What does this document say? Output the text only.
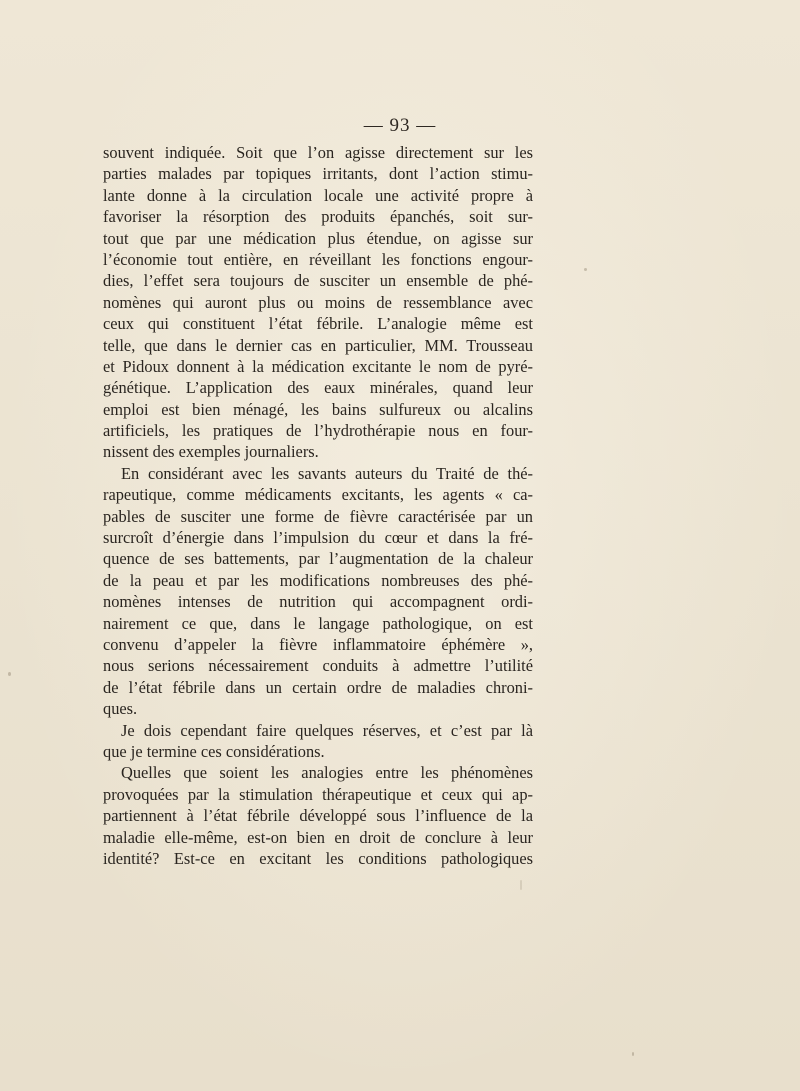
— 93 —
souvent indiquée. Soit que l’on agisse directement sur les
parties malades par topiques irritants, dont l’action stimu-
lante donne à la circulation locale une activité propre à
favoriser la résorption des produits épanchés, soit sur-
tout que par une médication plus étendue, on agisse sur
l’économie tout entière, en réveillant les fonctions engour-
dies, l’effet sera toujours de susciter un ensemble de phé-
nomènes qui auront plus ou moins de ressemblance avec
ceux qui constituent l’état fébrile. L’analogie même est
telle, que dans le dernier cas en particulier, MM. Trousseau
et Pidoux donnent à la médication excitante le nom de pyré-
génétique. L’application des eaux minérales, quand leur
emploi est bien ménagé, les bains sulfureux ou alcalins
artificiels, les pratiques de l’hydrothérapie nous en four-
nissent des exemples journaliers.
En considérant avec les savants auteurs du Traité de thé-
rapeutique, comme médicaments excitants, les agents « ca-
pables de susciter une forme de fièvre caractérisée par un
surcroît d’énergie dans l’impulsion du cœur et dans la fré-
quence de ses battements, par l’augmentation de la chaleur
de la peau et par les modifications nombreuses des phé-
nomènes intenses de nutrition qui accompagnent ordi-
nairement ce que, dans le langage pathologique, on est
convenu d’appeler la fièvre inflammatoire éphémère »,
nous serions nécessairement conduits à admettre l’utilité
de l’état fébrile dans un certain ordre de maladies chroni-
ques.
Je dois cependant faire quelques réserves, et c’est par là
que je termine ces considérations.
Quelles que soient les analogies entre les phénomènes
provoquées par la stimulation thérapeutique et ceux qui ap-
partiennent à l’état fébrile développé sous l’influence de la
maladie elle-même, est-on bien en droit de conclure à leur
identité? Est-ce en excitant les conditions pathologiques
